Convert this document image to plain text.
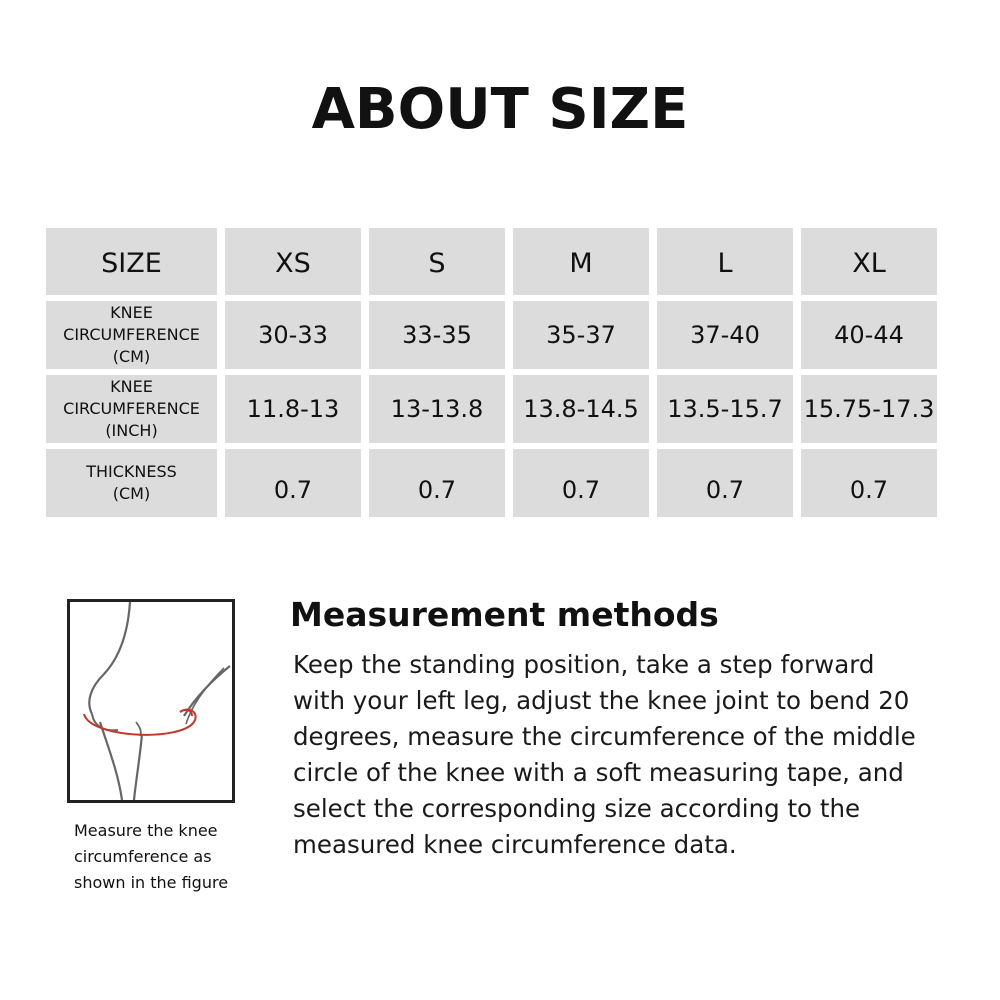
ABOUT SIZE
SIZE	XS	S	M	L	XL
KNEE
CIRCUMFERENCE
(CM)
30-33	33-35	35-37	37-40	40-44
KNEE
CIRCUMFERENCE
(INCH)
11.8-13	13-13.8	13.8-14.5	13.5-15.7 15.75-17.3
THICKNESS
(CM)	0.7	0.7	0.7	0.7	0.7
Measure the knee
circumference as
shown in the figure
Measurement methods
Keep the standing position, take a step forward
with your left leg, adjust the knee joint to bend 20
degrees, measure the circumference of the middle
circle of the knee with a soft measuring tape, and
select the corresponding size according to the
measured knee circumference data.
